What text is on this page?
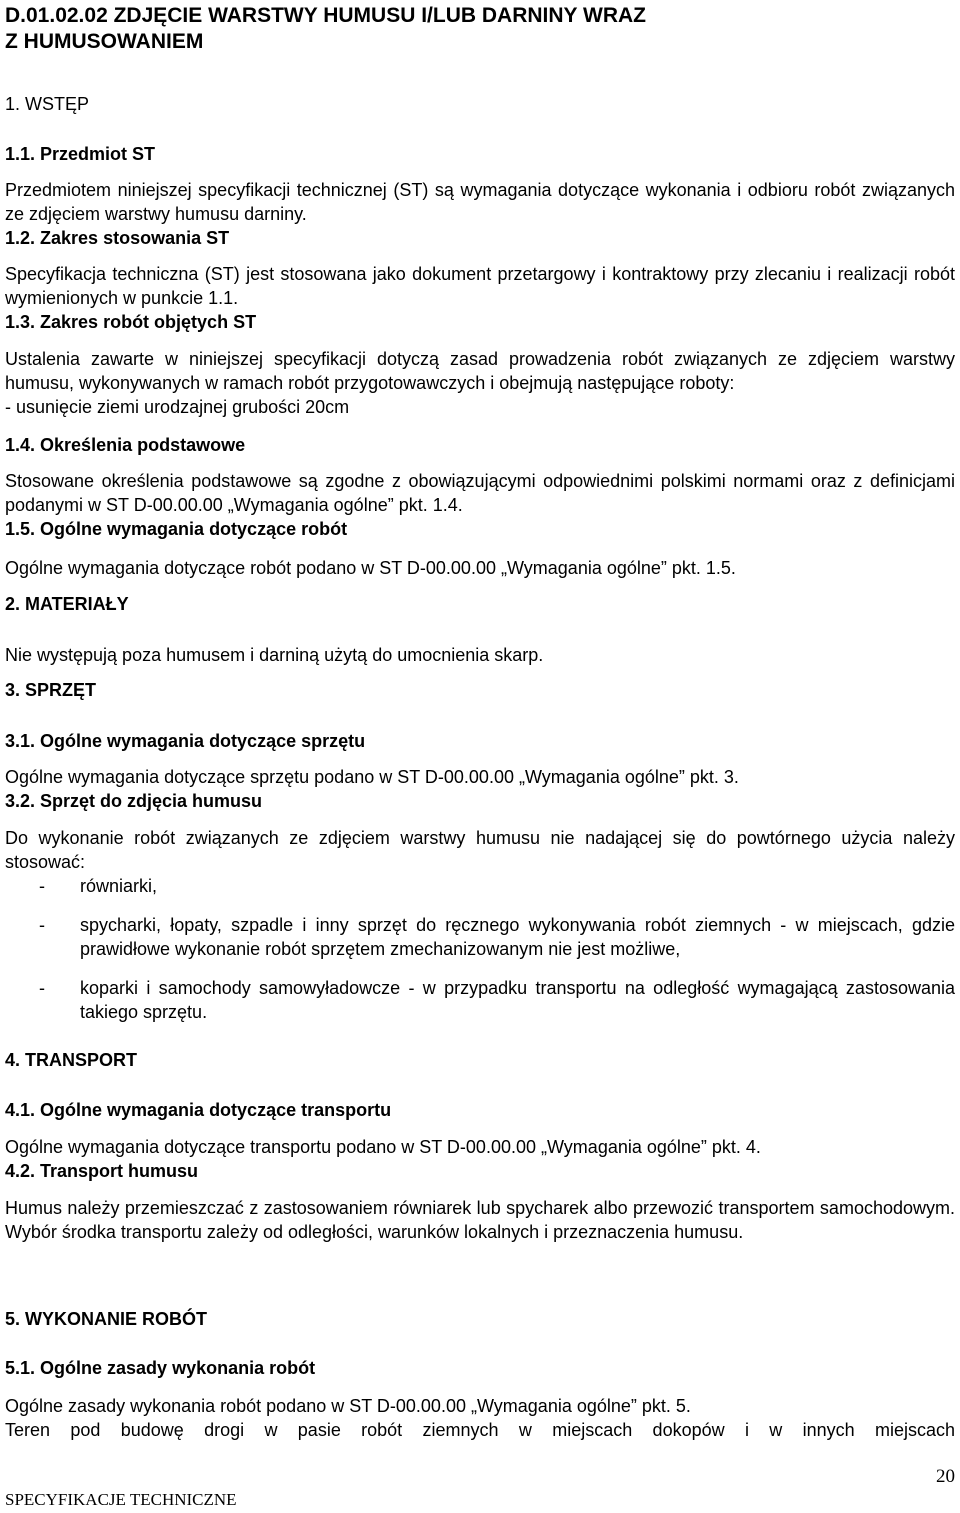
D.01.02.02 ZDJĘCIE WARSTWY HUMUSU I/LUB DARNINY WRAZ
Z HUMUSOWANIEM
1. WSTĘP
1.1. Przedmiot ST
Przedmiotem niniejszej specyfikacji technicznej (ST) są wymagania dotyczące wykonania i odbioru robót związanych ze zdjęciem warstwy humusu darniny.
1.2. Zakres stosowania ST
Specyfikacja techniczna (ST) jest stosowana jako dokument przetargowy i kontraktowy przy zlecaniu i realizacji robót wymienionych w punkcie 1.1.
1.3. Zakres robót objętych ST
Ustalenia zawarte w niniejszej specyfikacji dotyczą zasad prowadzenia robót związanych ze zdjęciem warstwy humusu, wykonywanych w ramach robót przygotowawczych i obejmują następujące roboty:
- usunięcie ziemi urodzajnej grubości 20cm
1.4. Określenia podstawowe
Stosowane określenia podstawowe są zgodne z obowiązującymi odpowiednimi polskimi normami oraz z definicjami podanymi w ST D-00.00.00 „Wymagania ogólne” pkt. 1.4.
1.5. Ogólne wymagania dotyczące robót
Ogólne wymagania dotyczące robót podano w ST D-00.00.00 „Wymagania ogólne” pkt. 1.5.
2. MATERIAŁY
Nie występują poza humusem i darniną użytą do umocnienia skarp.
3. SPRZĘT
3.1. Ogólne wymagania dotyczące sprzętu
Ogólne wymagania dotyczące sprzętu podano w ST D-00.00.00 „Wymagania ogólne” pkt. 3.
3.2. Sprzęt do zdjęcia humusu
Do wykonanie robót związanych ze zdjęciem warstwy humusu nie nadającej się do powtórnego użycia należy stosować:
- równiarki,
- spycharki, łopaty, szpadle i inny sprzęt do ręcznego wykonywania robót ziemnych - w miejscach, gdzie prawidłowe wykonanie robót sprzętem zmechanizowanym nie jest możliwe,
- koparki i samochody samowyładowcze - w przypadku transportu na odległość wymagającą zastosowania takiego sprzętu.
4. TRANSPORT
4.1. Ogólne wymagania dotyczące transportu
Ogólne wymagania dotyczące transportu podano w ST D-00.00.00 „Wymagania ogólne” pkt. 4.
4.2. Transport humusu
Humus należy przemieszczać z zastosowaniem równiarek lub spycharek albo przewozić transportem samochodowym. Wybór środka transportu zależy od odległości, warunków lokalnych i przeznaczenia humusu.
5. WYKONANIE ROBÓT
5.1. Ogólne zasady wykonania robót
Ogólne zasady wykonania robót podano w ST D-00.00.00 „Wymagania ogólne” pkt. 5.
Teren pod budowę drogi w pasie robót ziemnych w miejscach dokopów i w innych miejscach
20
SPECYFIKACJE TECHNICZNE
